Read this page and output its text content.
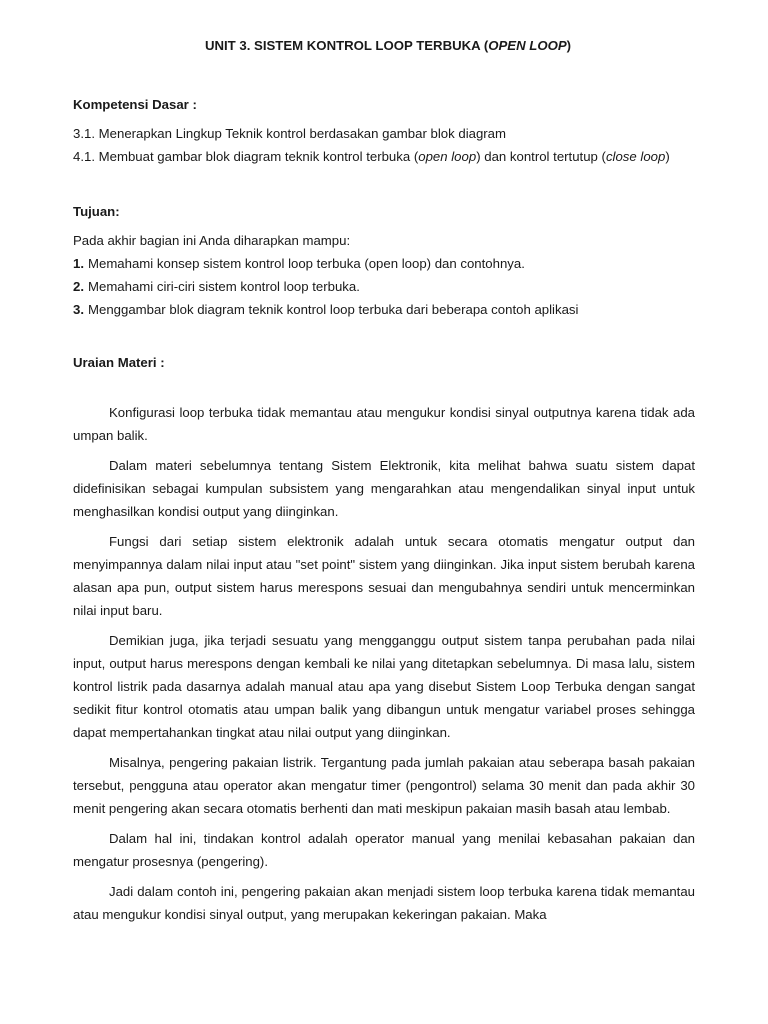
UNIT 3. SISTEM KONTROL LOOP TERBUKA (OPEN LOOP)

Kompetensi Dasar :

3.1. Menerapkan Lingkup Teknik kontrol berdasakan gambar blok diagram

4.1. Membuat gambar blok diagram teknik kontrol terbuka (open loop) dan kontrol tertutup (close loop)

Tujuan:

Pada akhir bagian ini Anda diharapkan mampu:

1. Memahami konsep sistem kontrol loop terbuka (open loop) dan contohnya.

2. Memahami ciri-ciri sistem kontrol loop terbuka.

3. Menggambar blok diagram teknik kontrol loop terbuka dari beberapa contoh aplikasi

Uraian Materi :

Konfigurasi loop terbuka tidak memantau atau mengukur kondisi sinyal outputnya karena tidak ada umpan balik.

Dalam materi sebelumnya tentang Sistem Elektronik, kita melihat bahwa suatu sistem dapat didefinisikan sebagai kumpulan subsistem yang mengarahkan atau mengendalikan sinyal input untuk menghasilkan kondisi output yang diinginkan.

Fungsi dari setiap sistem elektronik adalah untuk secara otomatis mengatur output dan menyimpannya dalam nilai input atau "set point" sistem yang diinginkan. Jika input sistem berubah karena alasan apa pun, output sistem harus merespons sesuai dan mengubahnya sendiri untuk mencerminkan nilai input baru.

Demikian juga, jika terjadi sesuatu yang mengganggu output sistem tanpa perubahan pada nilai input, output harus merespons dengan kembali ke nilai yang ditetapkan sebelumnya. Di masa lalu, sistem kontrol listrik pada dasarnya adalah manual atau apa yang disebut Sistem Loop Terbuka dengan sangat sedikit fitur kontrol otomatis atau umpan balik yang dibangun untuk mengatur variabel proses sehingga dapat mempertahankan tingkat atau nilai output yang diinginkan.

Misalnya, pengering pakaian listrik. Tergantung pada jumlah pakaian atau seberapa basah pakaian tersebut, pengguna atau operator akan mengatur timer (pengontrol) selama 30 menit dan pada akhir 30 menit pengering akan secara otomatis berhenti dan mati meskipun pakaian masih basah atau lembab.

Dalam hal ini, tindakan kontrol adalah operator manual yang menilai kebasahan pakaian dan mengatur prosesnya (pengering).

Jadi dalam contoh ini, pengering pakaian akan menjadi sistem loop terbuka karena tidak memantau atau mengukur kondisi sinyal output, yang merupakan kekeringan pakaian. Maka
